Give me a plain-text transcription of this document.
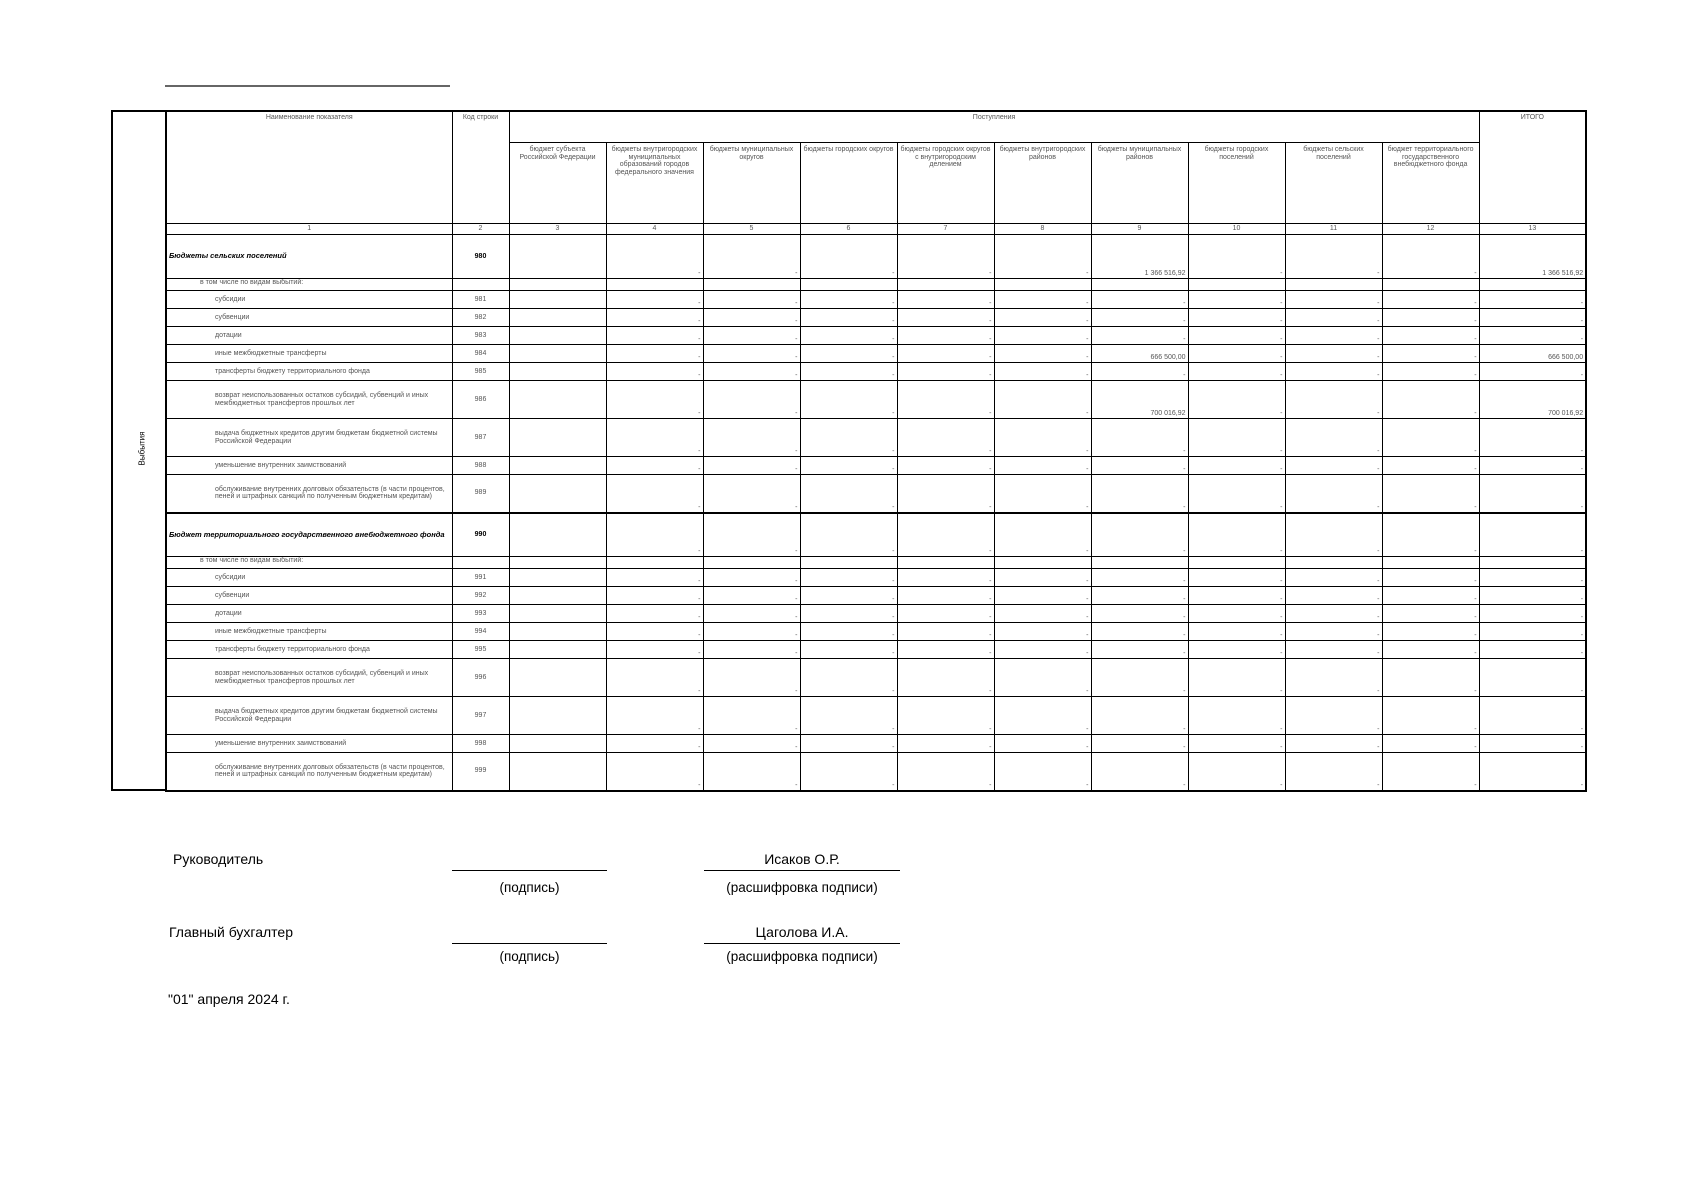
Выбытия
Наименование показателя	Код строки	Поступления										ИТОГО
		бюджет субъекта Российской Федерации	бюджеты внутригородских муниципальных образований городов федерального значения	бюджеты муниципальных округов	бюджеты городских округов	бюджеты городских округов с внутригородским делением	бюджеты внутригородских районов	бюджеты муниципальных районов	бюджеты городских поселений	бюджеты сельских поселений	бюджет территориального государственного внебюджетного фонда	
1	2	3	4	5	6	7	8	9	10	11	12	13
Бюджеты сельских поселений	980		-	-	-	-	-	1 366 516,92	-	-	-	1 366 516,92
в том числе по видам выбытий:												
субсидии	981		-	-	-	-	-	-	-	-	-	-
субвенции	982		-	-	-	-	-	-	-	-	-	-
дотации	983		-	-	-	-	-	-	-	-	-	-
иные межбюджетные трансферты	984		-	-	-	-	-	666 500,00	-	-	-	666 500,00
трансферты бюджету территориального фонда	985		-	-	-	-	-	-	-	-	-	-
возврат неиспользованных остатков субсидий, субвенций и иных межбюджетных трансфертов прошлых лет	986		-	-	-	-	-	700 016,92	-	-	-	700 016,92
выдача бюджетных кредитов другим бюджетам бюджетной системы Российской Федерации	987		-	-	-	-	-	-	-	-	-	-
уменьшение внутренних заимствований	988		-	-	-	-	-	-	-	-	-	-
обслуживание внутренних долговых обязательств (в части процентов, пеней и штрафных санкций по полученным бюджетным кредитам)	989		-	-	-	-	-	-	-	-	-	-
Бюджет территориального государственного внебюджетного фонда	990		-	-	-	-	-	-	-	-	-	-
в том числе по видам выбытий:												
субсидии	991		-	-	-	-	-	-	-	-	-	-
субвенции	992		-	-	-	-	-	-	-	-	-	-
дотации	993		-	-	-	-	-	-	-	-	-	-
иные межбюджетные трансферты	994		-	-	-	-	-	-	-	-	-	-
трансферты бюджету территориального фонда	995		-	-	-	-	-	-	-	-	-	-
возврат неиспользованных остатков субсидий, субвенций и иных межбюджетных трансфертов прошлых лет	996		-	-	-	-	-	-	-	-	-	-
выдача бюджетных кредитов другим бюджетам бюджетной системы Российской Федерации	997		-	-	-	-	-	-	-	-	-	-
уменьшение внутренних заимствований	998		-	-	-	-	-	-	-	-	-	-
обслуживание внутренних долговых обязательств (в части процентов, пеней и штрафных санкций по полученным бюджетным кредитам)	999		-	-	-	-	-	-	-	-	-	-
Руководитель
(подпись)
Исаков О.Р.
(расшифровка подписи)
Главный бухгалтер
(подпись)
Цаголова И.А.
(расшифровка подписи)
"01" апреля 2024 г.
